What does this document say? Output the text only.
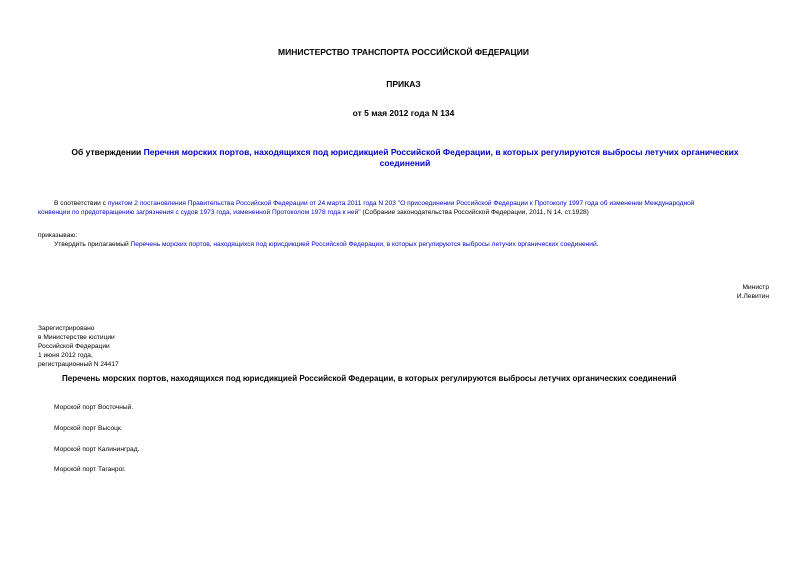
МИНИСТЕРСТВО ТРАНСПОРТА РОССИЙСКОЙ ФЕДЕРАЦИИ
ПРИКАЗ
от 5 мая 2012 года N 134
Об утверждении Перечня морских портов, находящихся под юрисдикцией Российской Федерации, в которых регулируются выбросы летучих органических
соединений
В соответствии с пунктом 2 постановления Правительства Российской Федерации от 24 марта 2011 года N 203 "О присоединении Российской Федерации к Протоколу 1997 года об изменении Международной
конвенции по предотвращению загрязнения с судов 1973 года, измененной Протоколом 1978 года к ней" (Собрание законодательства Российской Федерации, 2011, N 14, ст.1928)
приказываю:
Утвердить прилагаемый Перечень морских портов, находящихся под юрисдикцией Российской Федерации, в которых регулируются выбросы летучих органических соединений.
Министр
И.Левитин
Зарегистрировано
в Министерстве юстиции
Российской Федерации
1 июня 2012 года,
регистрационный N 24417
Перечень морских портов, находящихся под юрисдикцией Российской Федерации, в которых регулируются выбросы летучих органических соединений
Морской порт Восточный.
Морской порт Высоцк.
Морской порт Калининград.
Морской порт Таганрог.
